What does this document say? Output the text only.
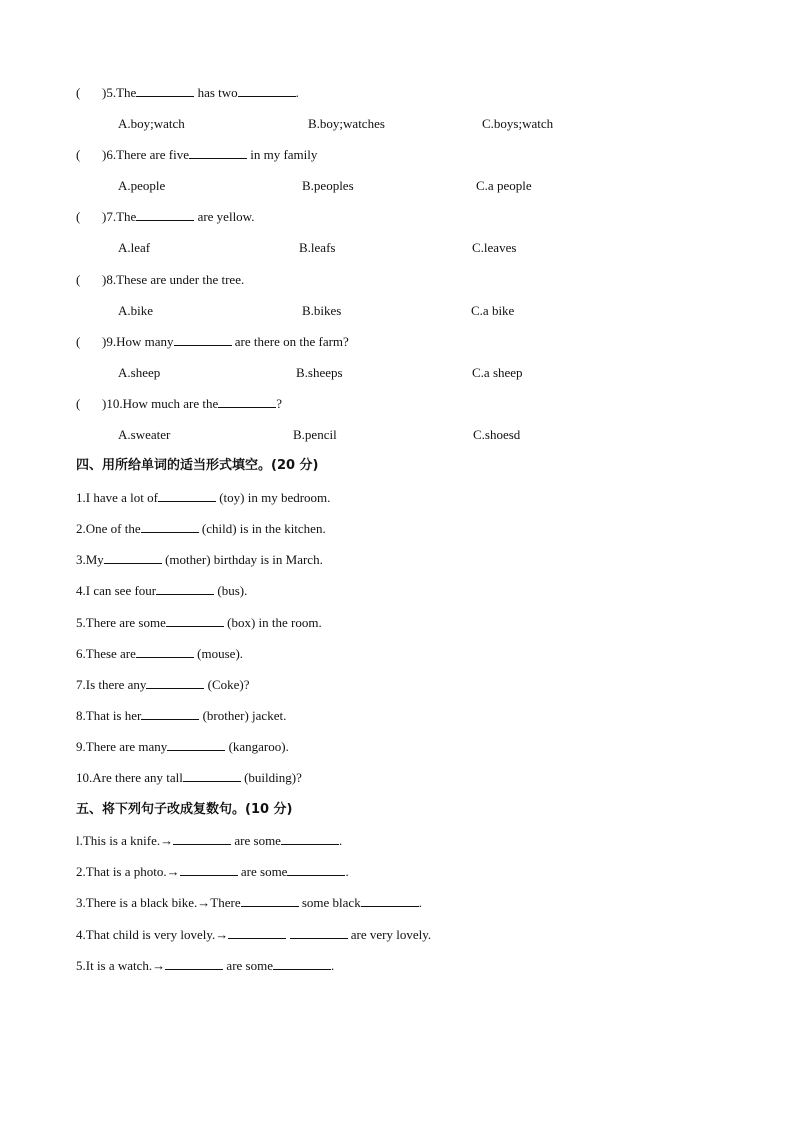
( )5.The	has two	.
A.boy;watch	B.boy;watches	C.boys;watch
( )6.There are five	in my family
A.people	B.peoples	C.a people
( )7.The	are yellow.
A.leaf	B.leafs	C.leaves
( )8.These are under the tree.
A.bike	B.bikes	C.a bike
( )9.How many	are there on the farm?
A.sheep	B.sheeps	C.a sheep
( )10.How much are the	?
A.sweater	B.pencil	C.shoesd
四、用所给单词的适当形式填空。(20 分)
1.I have a lot of	(toy) in my bedroom.
2.One of the	(child) is in the kitchen.
3.My	(mother) birthday is in March.
4.I can see four	(bus).
5.There are some	(box) in the room.
6.These are	(mouse).
7.Is there any	(Coke)?
8.That is her	(brother) jacket.
9.There are many	(kangaroo).
10.Are there any tall	(building)?
五、将下列句子改成复数句。(10 分)
l.This is a knife.→	are some	.
2.That is a photo.→	are some	.
3.There is a black bike.→There	some black	.
4.That child is very lovely.→	are very lovely.
5.It is a watch.→	are some	.
